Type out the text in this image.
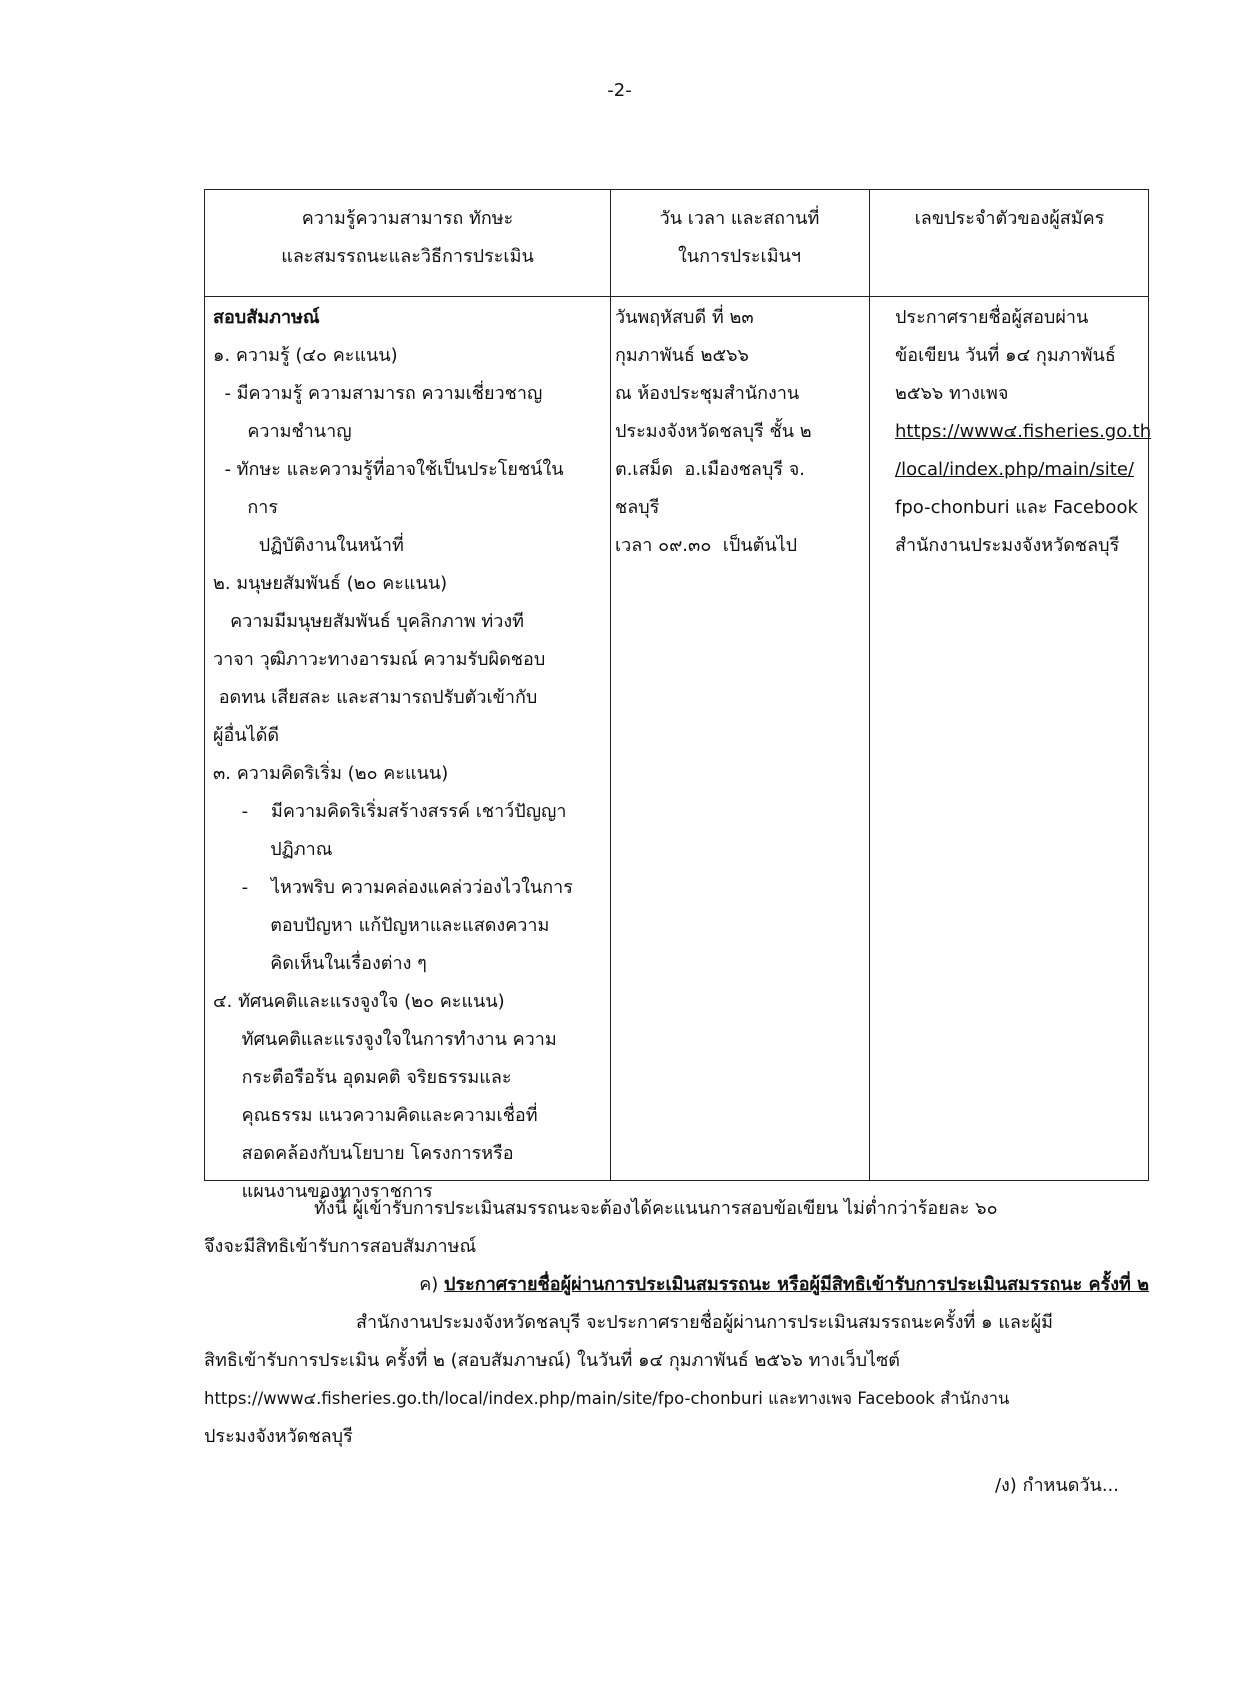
-2-
ความรู้ความสามารถ ทักษะ
และสมรรถนะและวิธีการประเมิน
วัน เวลา และสถานที่
ในการประเมินฯ
เลขประจำตัวของผู้สมัคร
สอบสัมภาษณ์
๑. ความรู้ (๔๐ คะแนน)
- มีความรู้ ความสามารถ ความเชี่ยวชาญ
ความชำนาญ
- ทักษะ และความรู้ที่อาจใช้เป็นประโยชน์ใน
การ
ปฏิบัติงานในหน้าที่
๒. มนุษยสัมพันธ์ (๒๐ คะแนน)
ความมีมนุษยสัมพันธ์ บุคลิกภาพ ท่วงที
วาจา วุฒิภาวะทางอารมณ์ ความรับผิดชอบ
อดทน เสียสละ และสามารถปรับตัวเข้ากับ
ผู้อื่นได้ดี
๓. ความคิดริเริ่ม (๒๐ คะแนน)
-    มีความคิดริเริ่มสร้างสรรค์ เชาว์ปัญญา
ปฏิภาณ
-    ไหวพริบ ความคล่องแคล่วว่องไวในการ
ตอบปัญหา แก้ปัญหาและแสดงความ
คิดเห็นในเรื่องต่าง ๆ
๔. ทัศนคติและแรงจูงใจ (๒๐ คะแนน)
ทัศนคติและแรงจูงใจในการทำงาน ความ
กระตือรือร้น อุดมคติ จริยธรรมและ
คุณธรรม แนวความคิดและความเชื่อที่
สอดคล้องกับนโยบาย โครงการหรือ
แผนงานของทางราชการ
วันพฤหัสบดี ที่ ๒๓
กุมภาพันธ์ ๒๕๖๖
ณ ห้องประชุมสำนักงาน
ประมงจังหวัดชลบุรี ชั้น ๒
ต.เสม็ด  อ.เมืองชลบุรี จ.
ชลบุรี
เวลา ๐๙.๓๐  เป็นต้นไป
ประกาศรายชื่อผู้สอบผ่าน
ข้อเขียน วันที่ ๑๔ กุมภาพันธ์
๒๕๖๖ ทางเพจ
https://www๔.fisheries.go.th
/local/index.php/main/site/
fpo-chonburi และ Facebook
สำนักงานประมงจังหวัดชลบุรี
ทั้งนี้ ผู้เข้ารับการประเมินสมรรถนะจะต้องได้คะแนนการสอบข้อเขียน ไม่ต่ำกว่าร้อยละ ๖๐
จึงจะมีสิทธิเข้ารับการสอบสัมภาษณ์
ค) ประกาศรายชื่อผู้ผ่านการประเมินสมรรถนะ หรือผู้มีสิทธิเข้ารับการประเมินสมรรถนะ ครั้งที่ ๒
สำนักงานประมงจังหวัดชลบุรี จะประกาศรายชื่อผู้ผ่านการประเมินสมรรถนะครั้งที่ ๑ และผู้มี
สิทธิเข้ารับการประเมิน ครั้งที่ ๒ (สอบสัมภาษณ์) ในวันที่ ๑๔ กุมภาพันธ์ ๒๕๖๖ ทางเว็บไซต์
https://www๔.fisheries.go.th/local/index.php/main/site/fpo-chonburi และทางเพจ Facebook สำนักงาน
ประมงจังหวัดชลบุรี
/ง) กำหนดวัน...
